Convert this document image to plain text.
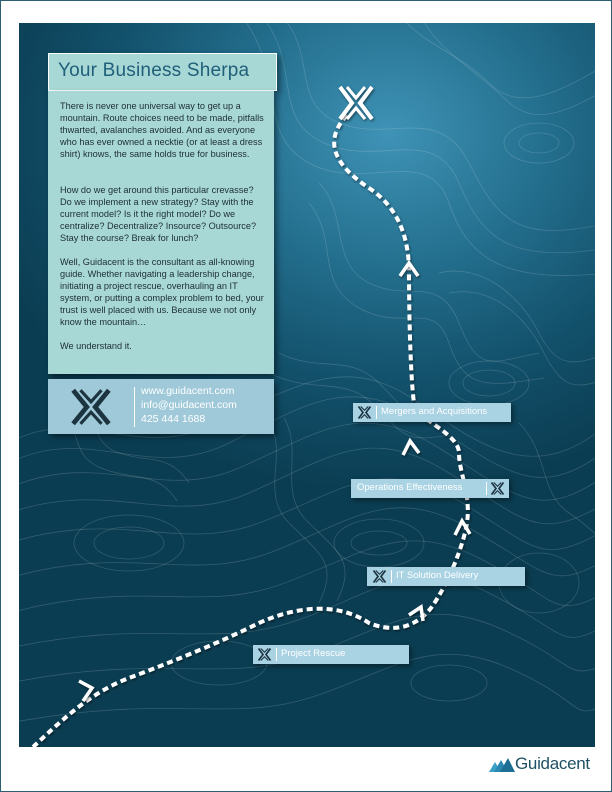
Your Business Sherpa

There is never one universal way to get up a mountain. Route choices need to be made, pitfalls thwarted, avalanches avoided. And as everyone who has ever owned a necktie (or at least a dress shirt) knows, the same holds true for business.

How do we get around this particular crevasse? Do we implement a new strategy? Stay with the current model? Is it the right model? Do we centralize? Decentralize? Insource? Outsource? Stay the course? Break for lunch?

Well, Guidacent is the consultant as all-knowing guide. Whether navigating a leadership change, initiating a project rescue, overhauling an IT system, or putting a complex problem to bed, your trust is well placed with us. Because we not only know the mountain…

We understand it.

www.guidacent.com
info@guidacent.com
425 444 1688
Project Rescue
IT Solution Delivery
Operations Effectiveness
Mergers and Acquisitions
Guidacent
